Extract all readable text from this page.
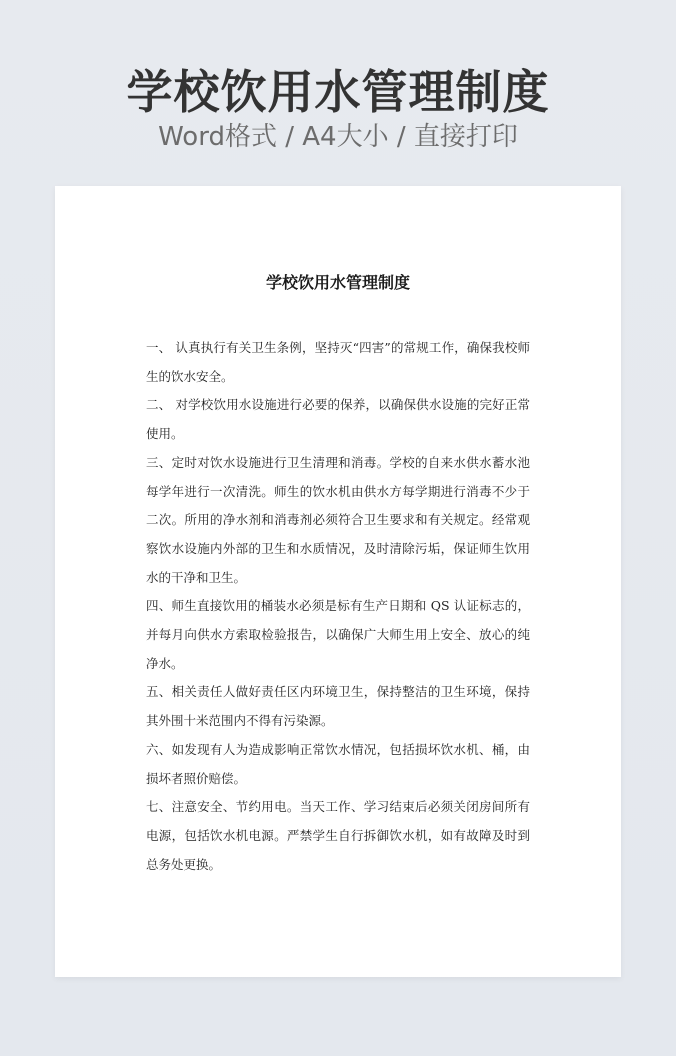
学校饮用水管理制度
Word格式 / A4大小 / 直接打印
学校饮用水管理制度

一、 认真执行有关卫生条例，坚持灭“四害”的常规工作，确保我校师生的饮水安全。

二、 对学校饮用水设施进行必要的保养，以确保供水设施的完好正常使用。

三、定时对饮水设施进行卫生清理和消毒。学校的自来水供水蓄水池每学年进行一次清洗。师生的饮水机由供水方每学期进行消毒不少于二次。所用的净水剂和消毒剂必须符合卫生要求和有关规定。经常观察饮水设施内外部的卫生和水质情况，及时清除污垢，保证师生饮用水的干净和卫生。

四、师生直接饮用的桶装水必须是标有生产日期和 QS 认证标志的，并每月向供水方索取检验报告，以确保广大师生用上安全、放心的纯净水。

五、相关责任人做好责任区内环境卫生，保持整洁的卫生环境，保持其外围十米范围内不得有污染源。

六、如发现有人为造成影响正常饮水情况，包括损坏饮水机、桶，由损坏者照价赔偿。

七、注意安全、节约用电。当天工作、学习结束后必须关闭房间所有电源，包括饮水机电源。严禁学生自行拆御饮水机，如有故障及时到总务处更换。
